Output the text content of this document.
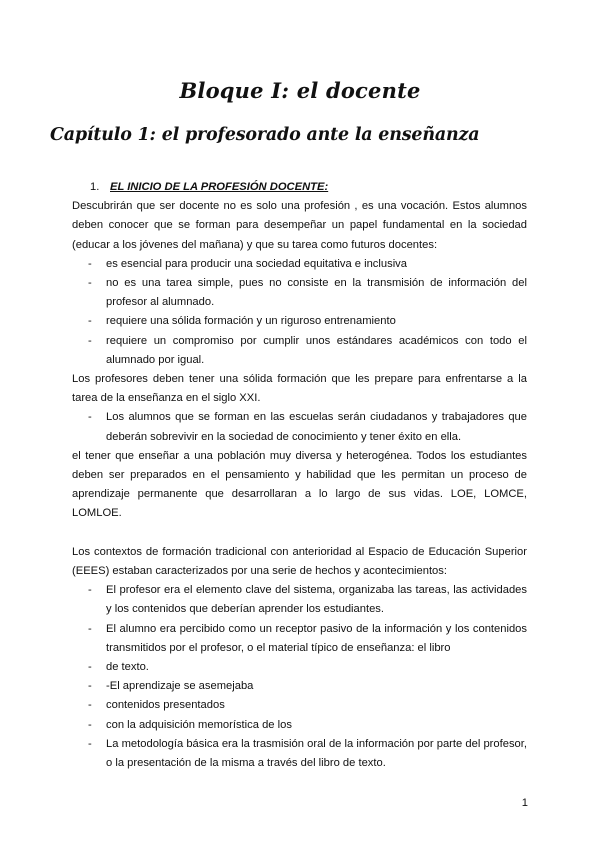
Bloque I: el docente
Capítulo 1: el profesorado ante la enseñanza

1. EL INICIO DE LA PROFESIÓN DOCENTE:

Descubrirán que ser docente no es solo una profesión , es una vocación. Estos alumnos deben conocer que se forman para desempeñar un papel fundamental en la sociedad (educar a los jóvenes del mañana) y que su tarea como futuros docentes:

- es esencial para producir una sociedad equitativa e inclusiva
- no es una tarea simple, pues no consiste en la transmisión de información del profesor al alumnado.
- requiere una sólida formación y un riguroso entrenamiento
- requiere un compromiso por cumplir unos estándares académicos con todo el alumnado por igual.

Los profesores deben tener una sólida formación que les prepare para enfrentarse a la tarea de la enseñanza en el siglo XXI.

- Los alumnos que se forman en las escuelas serán ciudadanos y trabajadores que deberán sobrevivir en la sociedad de conocimiento y tener éxito en ella.

el tener que enseñar a una población muy diversa y heterogénea. Todos los estudiantes deben ser preparados en el pensamiento y habilidad que les permitan un proceso de aprendizaje permanente que desarrollaran a lo largo de sus vidas. LOE, LOMCE, LOMLOE.

Los contextos de formación tradicional con anterioridad al Espacio de Educación Superior (EEES) estaban caracterizados por una serie de hechos y acontecimientos:

- El profesor era el elemento clave del sistema, organizaba las tareas, las actividades y los contenidos que deberían aprender los estudiantes.
- El alumno era percibido como un receptor pasivo de la información y los contenidos transmitidos por el profesor, o el material típico de enseñanza: el libro
- de texto.
- -El aprendizaje se asemejaba
- contenidos presentados
- con la adquisición memorística de los
- La metodología básica era la trasmisión oral de la información por parte del profesor, o la presentación de la misma a través del libro de texto.
1
